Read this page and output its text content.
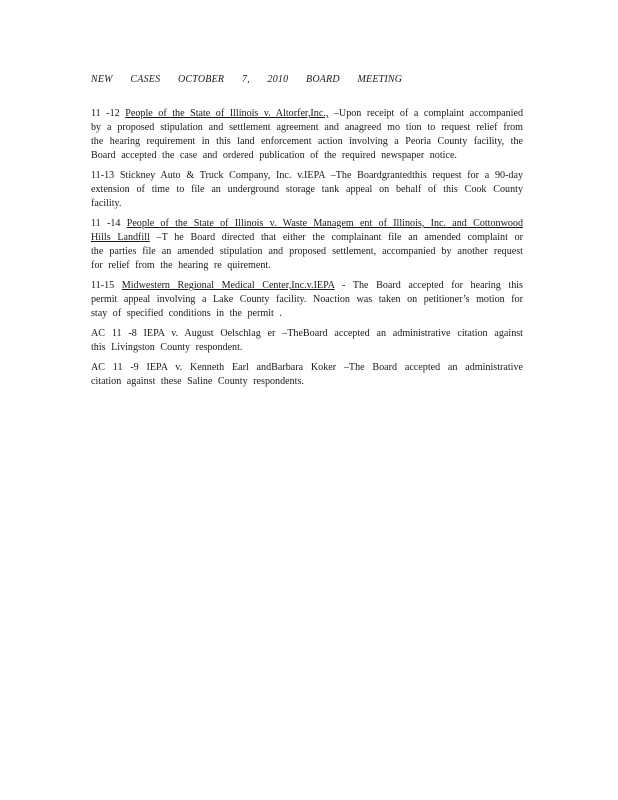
NEW CASES OCTOBER 7, 2010 BOARD MEETING

11 -12 People of the State of Illinois v. Altorfer,Inc., –Upon receipt of a complaint accompanied by a proposed stipulation and settlement agreement and anagreed mo tion to request relief from the hearing requirement in this land enforcement action involving a Peoria County facility, the Board accepted the case and ordered publication of the required newspaper notice.

11-13 Stickney Auto & Truck Company, Inc. v.IEPA –The Boardgrantedthis request for a 90-day extension of time to file an underground storage tank appeal on behalf of this Cook County facility.

11 -14 People of the State of Illinois v. Waste Managem ent of Illinois, Inc. and Cottonwood Hills Landfill –T he Board directed that either the complainant file an amended complaint or the parties file an amended stipulation and proposed settlement, accompanied by another request for relief from the hearing re quirement.

11-15 Midwestern Regional Medical Center,Inc.v.IEPA - The Board accepted for hearing this permit appeal involving a Lake County facility. Noaction was taken on petitioner’s motion for stay of specified conditions in the permit .

AC 11 -8 IEPA v. August Oelschlag er –TheBoard accepted an administrative citation against this Livingston County respondent.

AC 11 -9 IEPA v. Kenneth Earl andBarbara Koker –The Board accepted an administrative citation against these Saline County respondents.
